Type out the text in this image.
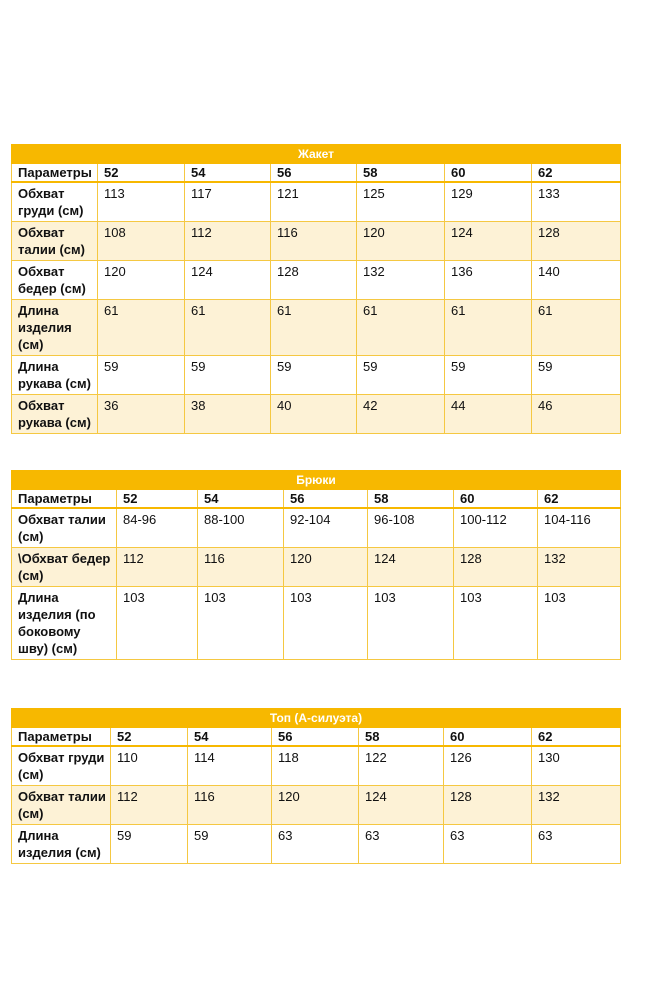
Жакет						
Параметры	52	54	56	58	60	62
Обхват груди (см)	113	117	121	125	129	133
Обхват талии (см)	108	112	116	120	124	128
Обхват бедер (см)	120	124	128	132	136	140
Длина изделия (см)	61	61	61	61	61	61
Длина рукава (см)	59	59	59	59	59	59
Обхват рукава (см)	36	38	40	42	44	46
Брюки						
Параметры	52	54	56	58	60	62
Обхват талии (см)	84-96	88-100	92-104	96-108	100-112	104-116
\Обхват бедер (см)	112	116	120	124	128	132
Длина изделия (по боковому шву) (см)	103	103	103	103	103	103
Топ (А-силуэта)						
Параметры	52	54	56	58	60	62
Обхват груди (см)	110	114	118	122	126	130
Обхват талии (см)	112	116	120	124	128	132
Длина изделия (см)	59	59	63	63	63	63
